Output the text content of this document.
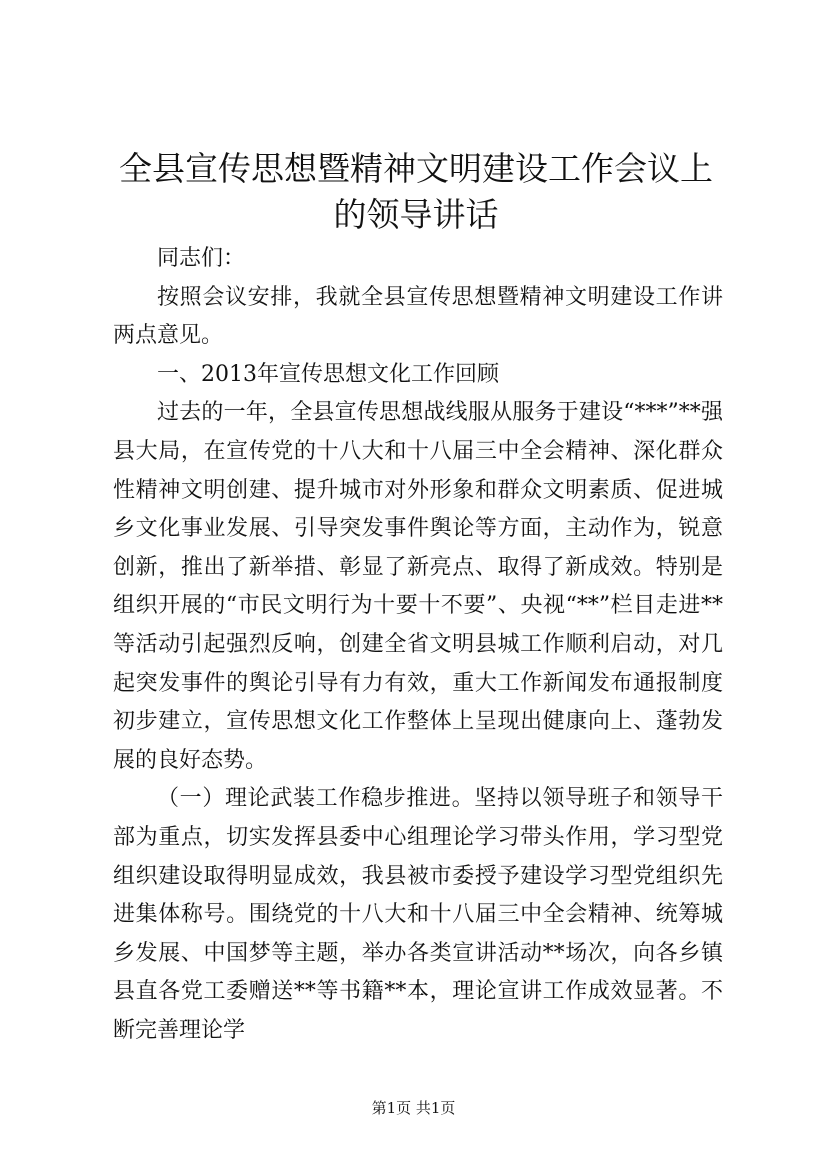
全县宣传思想暨精神文明建设工作会议上的领导讲话

同志们：

按照会议安排，我就全县宣传思想暨精神文明建设工作讲两点意见。

一、2013年宣传思想文化工作回顾

过去的一年，全县宣传思想战线服从服务于建设“***”**强县大局，在宣传党的十八大和十八届三中全会精神、深化群众性精神文明创建、提升城市对外形象和群众文明素质、促进城乡文化事业发展、引导突发事件舆论等方面，主动作为，锐意创新，推出了新举措、彰显了新亮点、取得了新成效。特别是组织开展的“市民文明行为十要十不要”、央视“**”栏目走进**等活动引起强烈反响，创建全省文明县城工作顺利启动，对几起突发事件的舆论引导有力有效，重大工作新闻发布通报制度初步建立，宣传思想文化工作整体上呈现出健康向上、蓬勃发展的良好态势。

（一）理论武装工作稳步推进。坚持以领导班子和领导干部为重点，切实发挥县委中心组理论学习带头作用，学习型党组织建设取得明显成效，我县被市委授予建设学习型党组织先进集体称号。围绕党的十八大和十八届三中全会精神、统筹城乡发展、中国梦等主题，举办各类宣讲活动**场次，向各乡镇县直各党工委赠送**等书籍**本，理论宣讲工作成效显著。不断完善理论学

第1页 共1页
